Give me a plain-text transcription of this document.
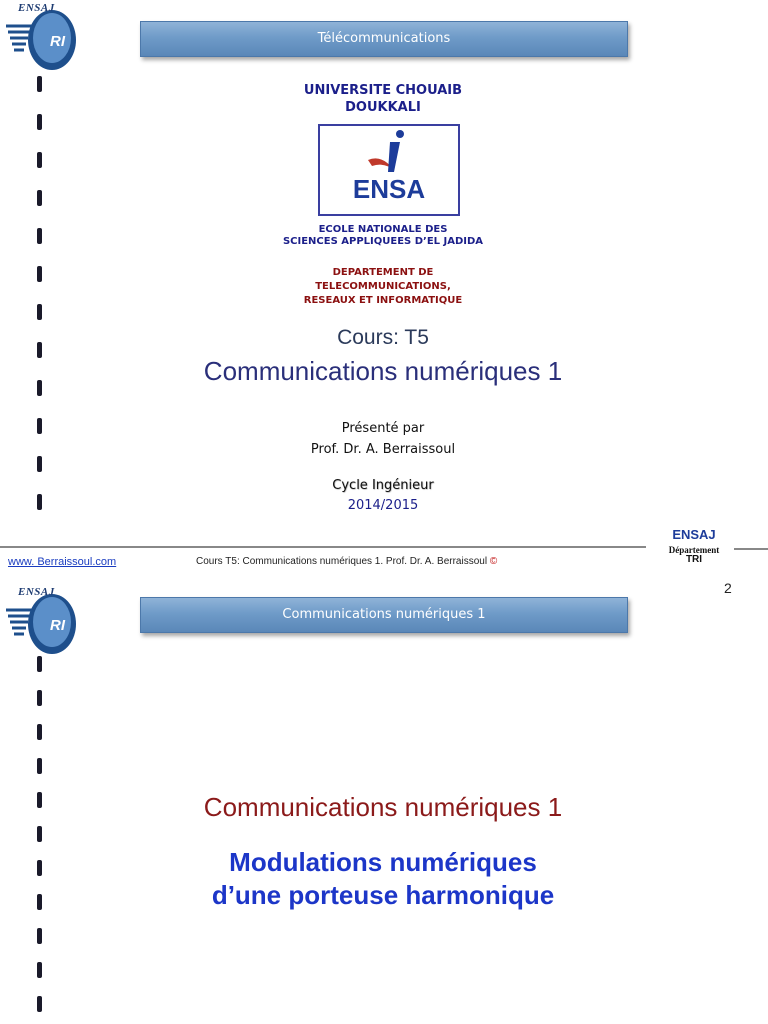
ENSAJ
RI	Télécommunications
UNIVERSITE CHOUAIB
DOUKKALI
ENSA
ECOLE NATIONALE DES
SCIENCES APPLIQUEES D’EL JADIDA
DEPARTEMENT DE
TELECOMMUNICATIONS,
RESEAUX ET INFORMATIQUE
Cours: T5
Communications numériques 1
Présenté par
Prof. Dr. A. Berraissoul
Cycle Ingénieur
2014/2015
ENSAJ
Département
TRI
www. Berraissoul.com	Cours T5: Communications numériques 1. Prof. Dr. A. Berraissoul ©
2
ENSAJ
RI
Communications numériques 1
Communications numériques 1
Modulations numériques
d’une porteuse harmonique
